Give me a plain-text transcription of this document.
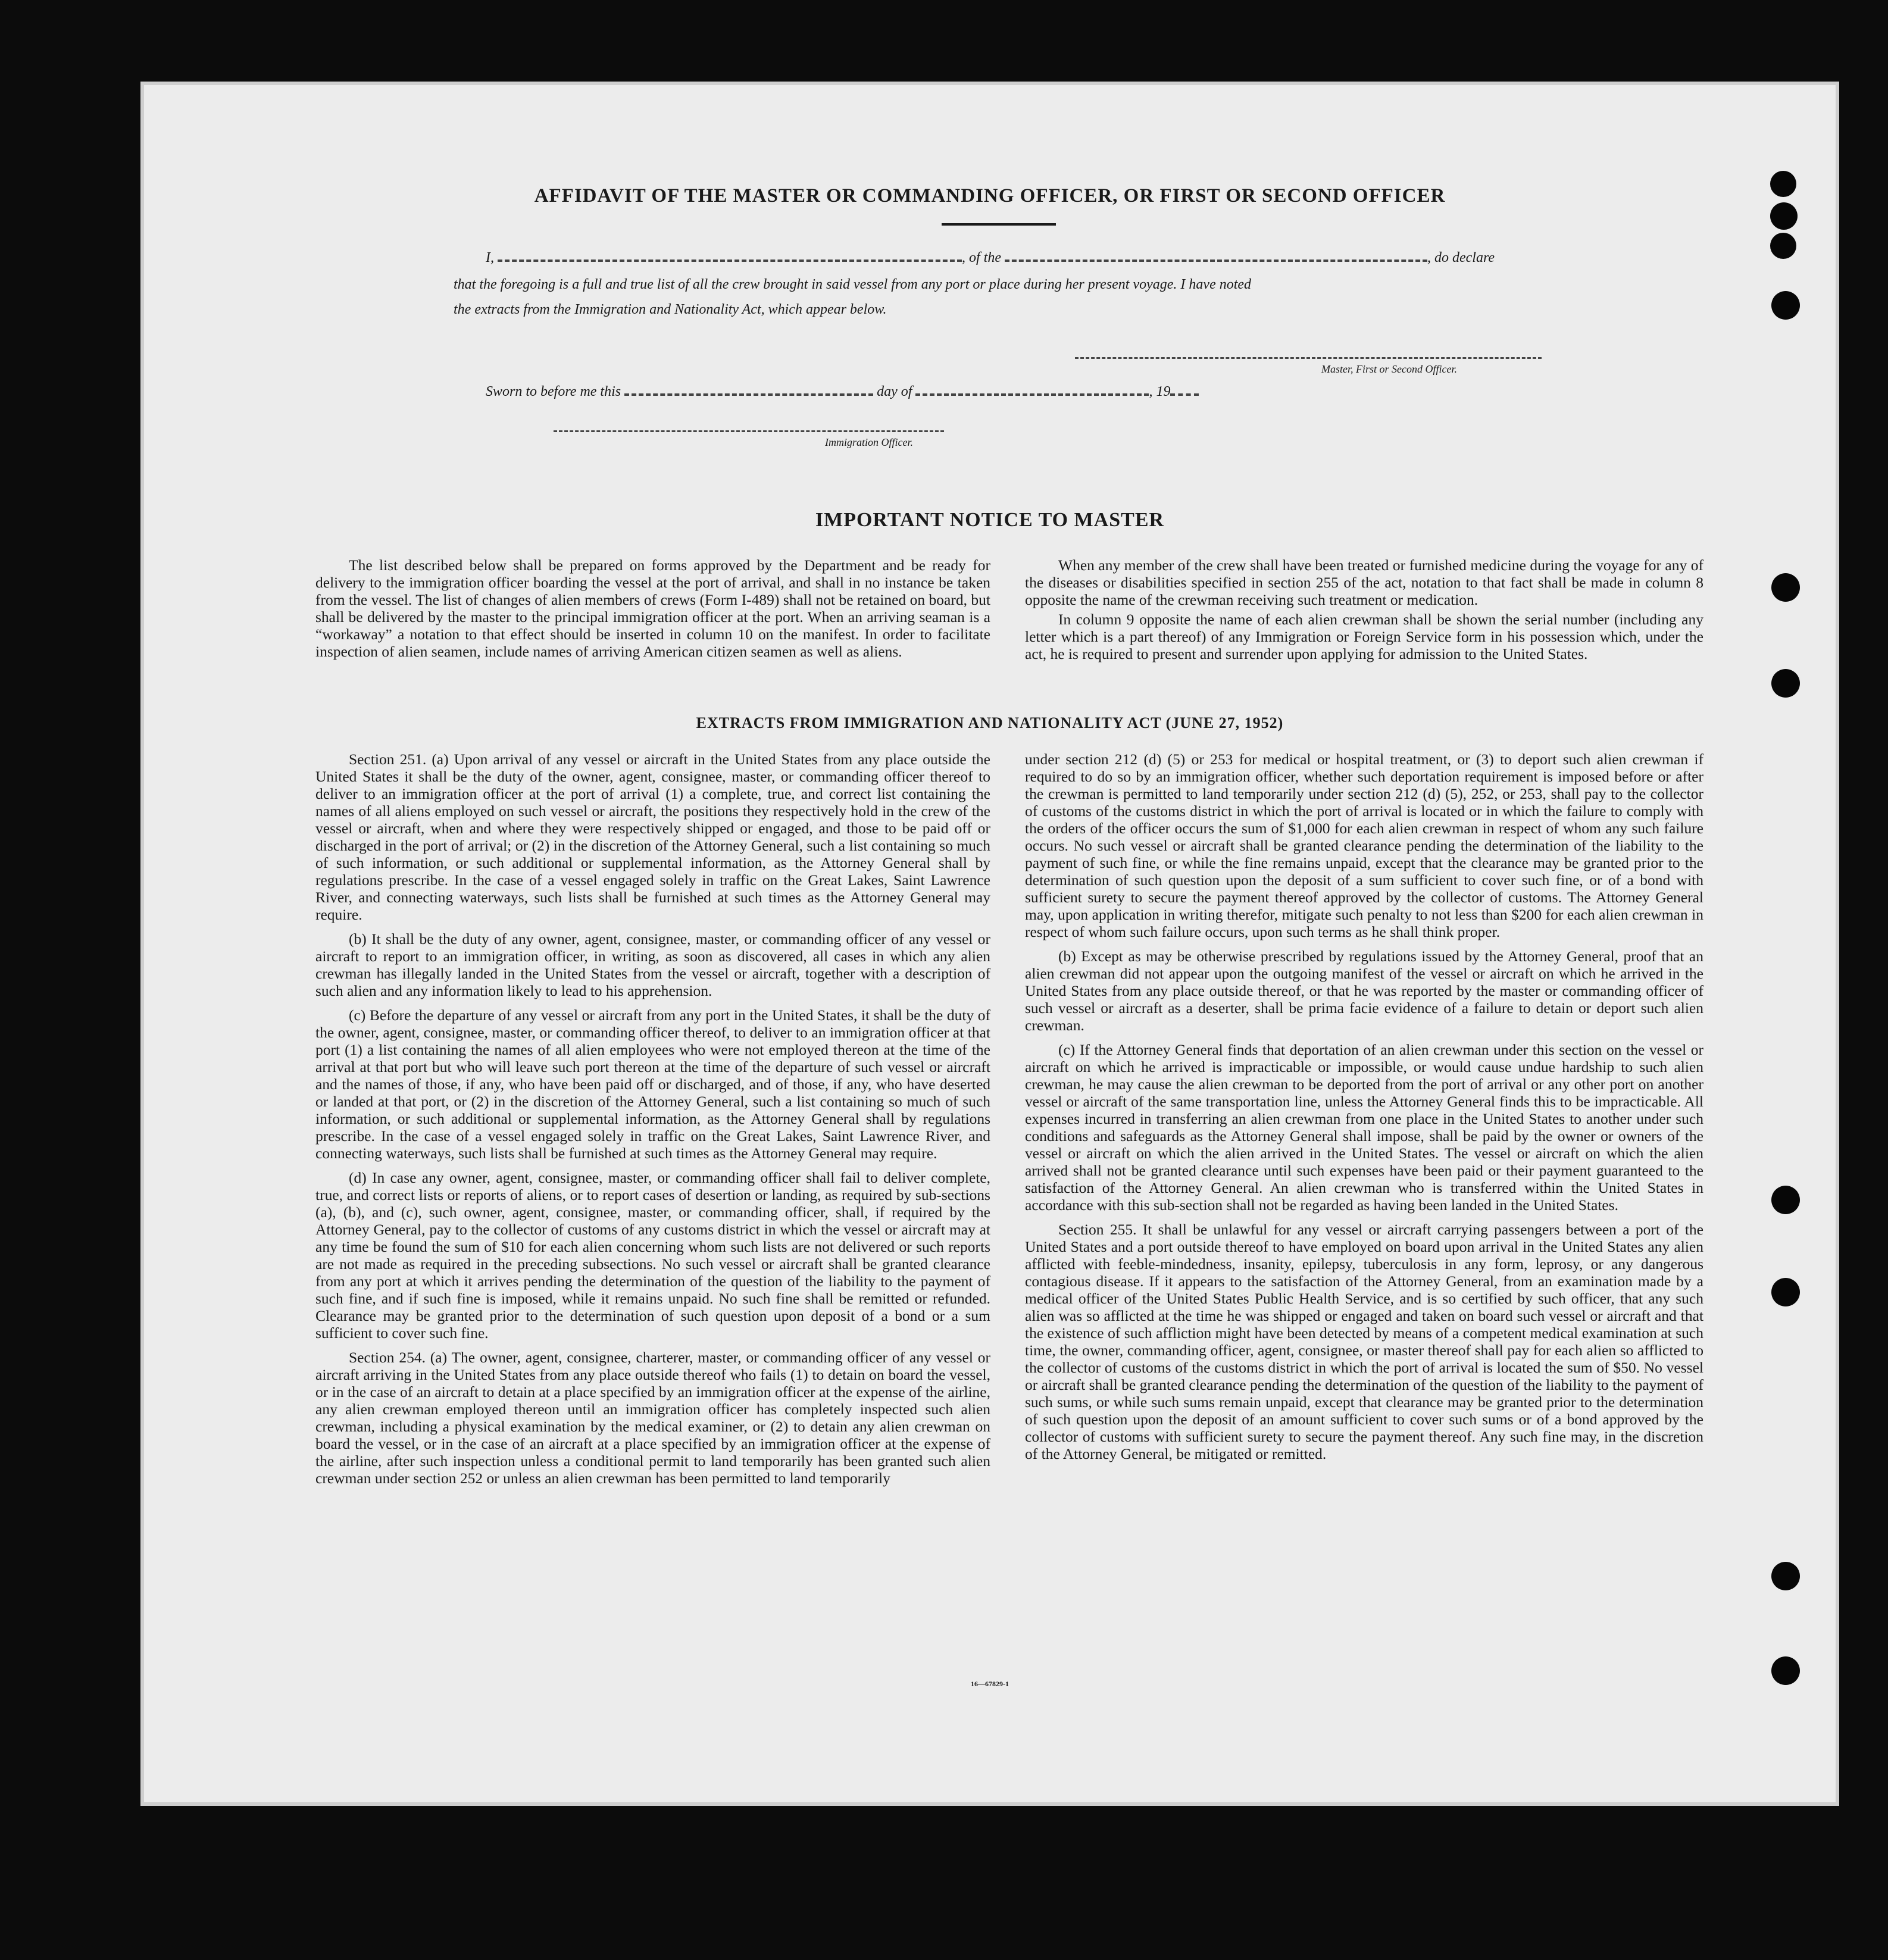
AFFIDAVIT OF THE MASTER OR COMMANDING OFFICER, OR FIRST OR SECOND OFFICER
I,	, of the	, do declare
that the foregoing is a full and true list of all the crew brought in said vessel from any port or place during her present voyage. I have noted
the extracts from the Immigration and Nationality Act, which appear below.
Master, First or Second Officer.
Sworn to before me this	day of	, 19
Immigration Officer.
IMPORTANT NOTICE TO MASTER

The list described below shall be prepared on forms approved by the Department and be ready for delivery to the immigration officer boarding the vessel at the port of arrival, and shall in no instance be taken from the vessel. The list of changes of alien members of crews (Form I-489) shall not be retained on board, but shall be delivered by the master to the principal immigration officer at the port. When an arriving seaman is a “workaway” a notation to that effect should be inserted in column 10 on the manifest. In order to facilitate inspection of alien seamen, include names of arriving American citizen seamen as well as aliens.

When any member of the crew shall have been treated or furnished medicine during the voyage for any of the diseases or disabilities specified in section 255 of the act, notation to that fact shall be made in column 8 opposite the name of the crewman receiving such treatment or medication.

In column 9 opposite the name of each alien crewman shall be shown the serial number (including any letter which is a part thereof) of any Immigration or Foreign Service form in his possession which, under the act, he is required to present and surrender upon applying for admission to the United States.

EXTRACTS FROM IMMIGRATION AND NATIONALITY ACT (JUNE 27, 1952)

Section 251. (a) Upon arrival of any vessel or aircraft in the United States from any place outside the United States it shall be the duty of the owner, agent, consignee, master, or commanding officer thereof to deliver to an immigration officer at the port of arrival (1) a complete, true, and correct list containing the names of all aliens employed on such vessel or aircraft, the positions they respectively hold in the crew of the vessel or aircraft, when and where they were respectively shipped or engaged, and those to be paid off or discharged in the port of arrival; or (2) in the discretion of the Attorney General, such a list containing so much of such information, or such additional or supplemental information, as the Attorney General shall by regulations prescribe. In the case of a vessel engaged solely in traffic on the Great Lakes, Saint Lawrence River, and connecting waterways, such lists shall be furnished at such times as the Attorney General may require.

(b) It shall be the duty of any owner, agent, consignee, master, or commanding officer of any vessel or aircraft to report to an immigration officer, in writing, as soon as discovered, all cases in which any alien crewman has illegally landed in the United States from the vessel or aircraft, together with a description of such alien and any information likely to lead to his apprehension.

(c) Before the departure of any vessel or aircraft from any port in the United States, it shall be the duty of the owner, agent, consignee, master, or commanding officer thereof, to deliver to an immigration officer at that port (1) a list containing the names of all alien employees who were not employed thereon at the time of the arrival at that port but who will leave such port thereon at the time of the departure of such vessel or aircraft and the names of those, if any, who have been paid off or discharged, and of those, if any, who have deserted or landed at that port, or (2) in the discretion of the Attorney General, such a list containing so much of such information, or such additional or supplemental information, as the Attorney General shall by regulations prescribe. In the case of a vessel engaged solely in traffic on the Great Lakes, Saint Lawrence River, and connecting waterways, such lists shall be furnished at such times as the Attorney General may require.

(d) In case any owner, agent, consignee, master, or commanding officer shall fail to deliver complete, true, and correct lists or reports of aliens, or to report cases of desertion or landing, as required by sub-sections (a), (b), and (c), such owner, agent, consignee, master, or commanding officer, shall, if required by the Attorney General, pay to the collector of customs of any customs district in which the vessel or aircraft may at any time be found the sum of $10 for each alien concerning whom such lists are not delivered or such reports are not made as required in the preceding subsections. No such vessel or aircraft shall be granted clearance from any port at which it arrives pending the determination of the question of the liability to the payment of such fine, and if such fine is imposed, while it remains unpaid. No such fine shall be remitted or refunded. Clearance may be granted prior to the determination of such question upon deposit of a bond or a sum sufficient to cover such fine.

Section 254. (a) The owner, agent, consignee, charterer, master, or commanding officer of any vessel or aircraft arriving in the United States from any place outside thereof who fails (1) to detain on board the vessel, or in the case of an aircraft to detain at a place specified by an immigration officer at the expense of the airline, any alien crewman employed thereon until an immigration officer has completely inspected such alien crewman, including a physical examination by the medical examiner, or (2) to detain any alien crewman on board the vessel, or in the case of an aircraft at a place specified by an immigration officer at the expense of the airline, after such inspection unless a conditional permit to land temporarily has been granted such alien crewman under section 252 or unless an alien crewman has been permitted to land temporarily

under section 212 (d) (5) or 253 for medical or hospital treatment, or (3) to deport such alien crewman if required to do so by an immigration officer, whether such deportation requirement is imposed before or after the crewman is permitted to land temporarily under section 212 (d) (5), 252, or 253, shall pay to the collector of customs of the customs district in which the port of arrival is located or in which the failure to comply with the orders of the officer occurs the sum of $1,000 for each alien crewman in respect of whom any such failure occurs. No such vessel or aircraft shall be granted clearance pending the determination of the liability to the payment of such fine, or while the fine remains unpaid, except that the clearance may be granted prior to the determination of such question upon the deposit of a sum sufficient to cover such fine, or of a bond with sufficient surety to secure the payment thereof approved by the collector of customs. The Attorney General may, upon application in writing therefor, mitigate such penalty to not less than $200 for each alien crewman in respect of whom such failure occurs, upon such terms as he shall think proper.

(b) Except as may be otherwise prescribed by regulations issued by the Attorney General, proof that an alien crewman did not appear upon the outgoing manifest of the vessel or aircraft on which he arrived in the United States from any place outside thereof, or that he was reported by the master or commanding officer of such vessel or aircraft as a deserter, shall be prima facie evidence of a failure to detain or deport such alien crewman.

(c) If the Attorney General finds that deportation of an alien crewman under this section on the vessel or aircraft on which he arrived is impracticable or impossible, or would cause undue hardship to such alien crewman, he may cause the alien crewman to be deported from the port of arrival or any other port on another vessel or aircraft of the same transportation line, unless the Attorney General finds this to be impracticable. All expenses incurred in transferring an alien crewman from one place in the United States to another under such conditions and safeguards as the Attorney General shall impose, shall be paid by the owner or owners of the vessel or aircraft on which the alien arrived in the United States. The vessel or aircraft on which the alien arrived shall not be granted clearance until such expenses have been paid or their payment guaranteed to the satisfaction of the Attorney General. An alien crewman who is transferred within the United States in accordance with this sub-section shall not be regarded as having been landed in the United States.

Section 255. It shall be unlawful for any vessel or aircraft carrying passengers between a port of the United States and a port outside thereof to have employed on board upon arrival in the United States any alien afflicted with feeble-mindedness, insanity, epilepsy, tuberculosis in any form, leprosy, or any dangerous contagious disease. If it appears to the satisfaction of the Attorney General, from an examination made by a medical officer of the United States Public Health Service, and is so certified by such officer, that any such alien was so afflicted at the time he was shipped or engaged and taken on board such vessel or aircraft and that the existence of such affliction might have been detected by means of a competent medical examination at such time, the owner, commanding officer, agent, consignee, or master thereof shall pay for each alien so afflicted to the collector of customs of the customs district in which the port of arrival is located the sum of $50. No vessel or aircraft shall be granted clearance pending the determination of the question of the liability to the payment of such sums, or while such sums remain unpaid, except that clearance may be granted prior to the determination of such question upon the deposit of an amount sufficient to cover such sums or of a bond approved by the collector of customs with sufficient surety to secure the payment thereof. Any such fine may, in the discretion of the Attorney General, be mitigated or remitted.

16—67829-1
